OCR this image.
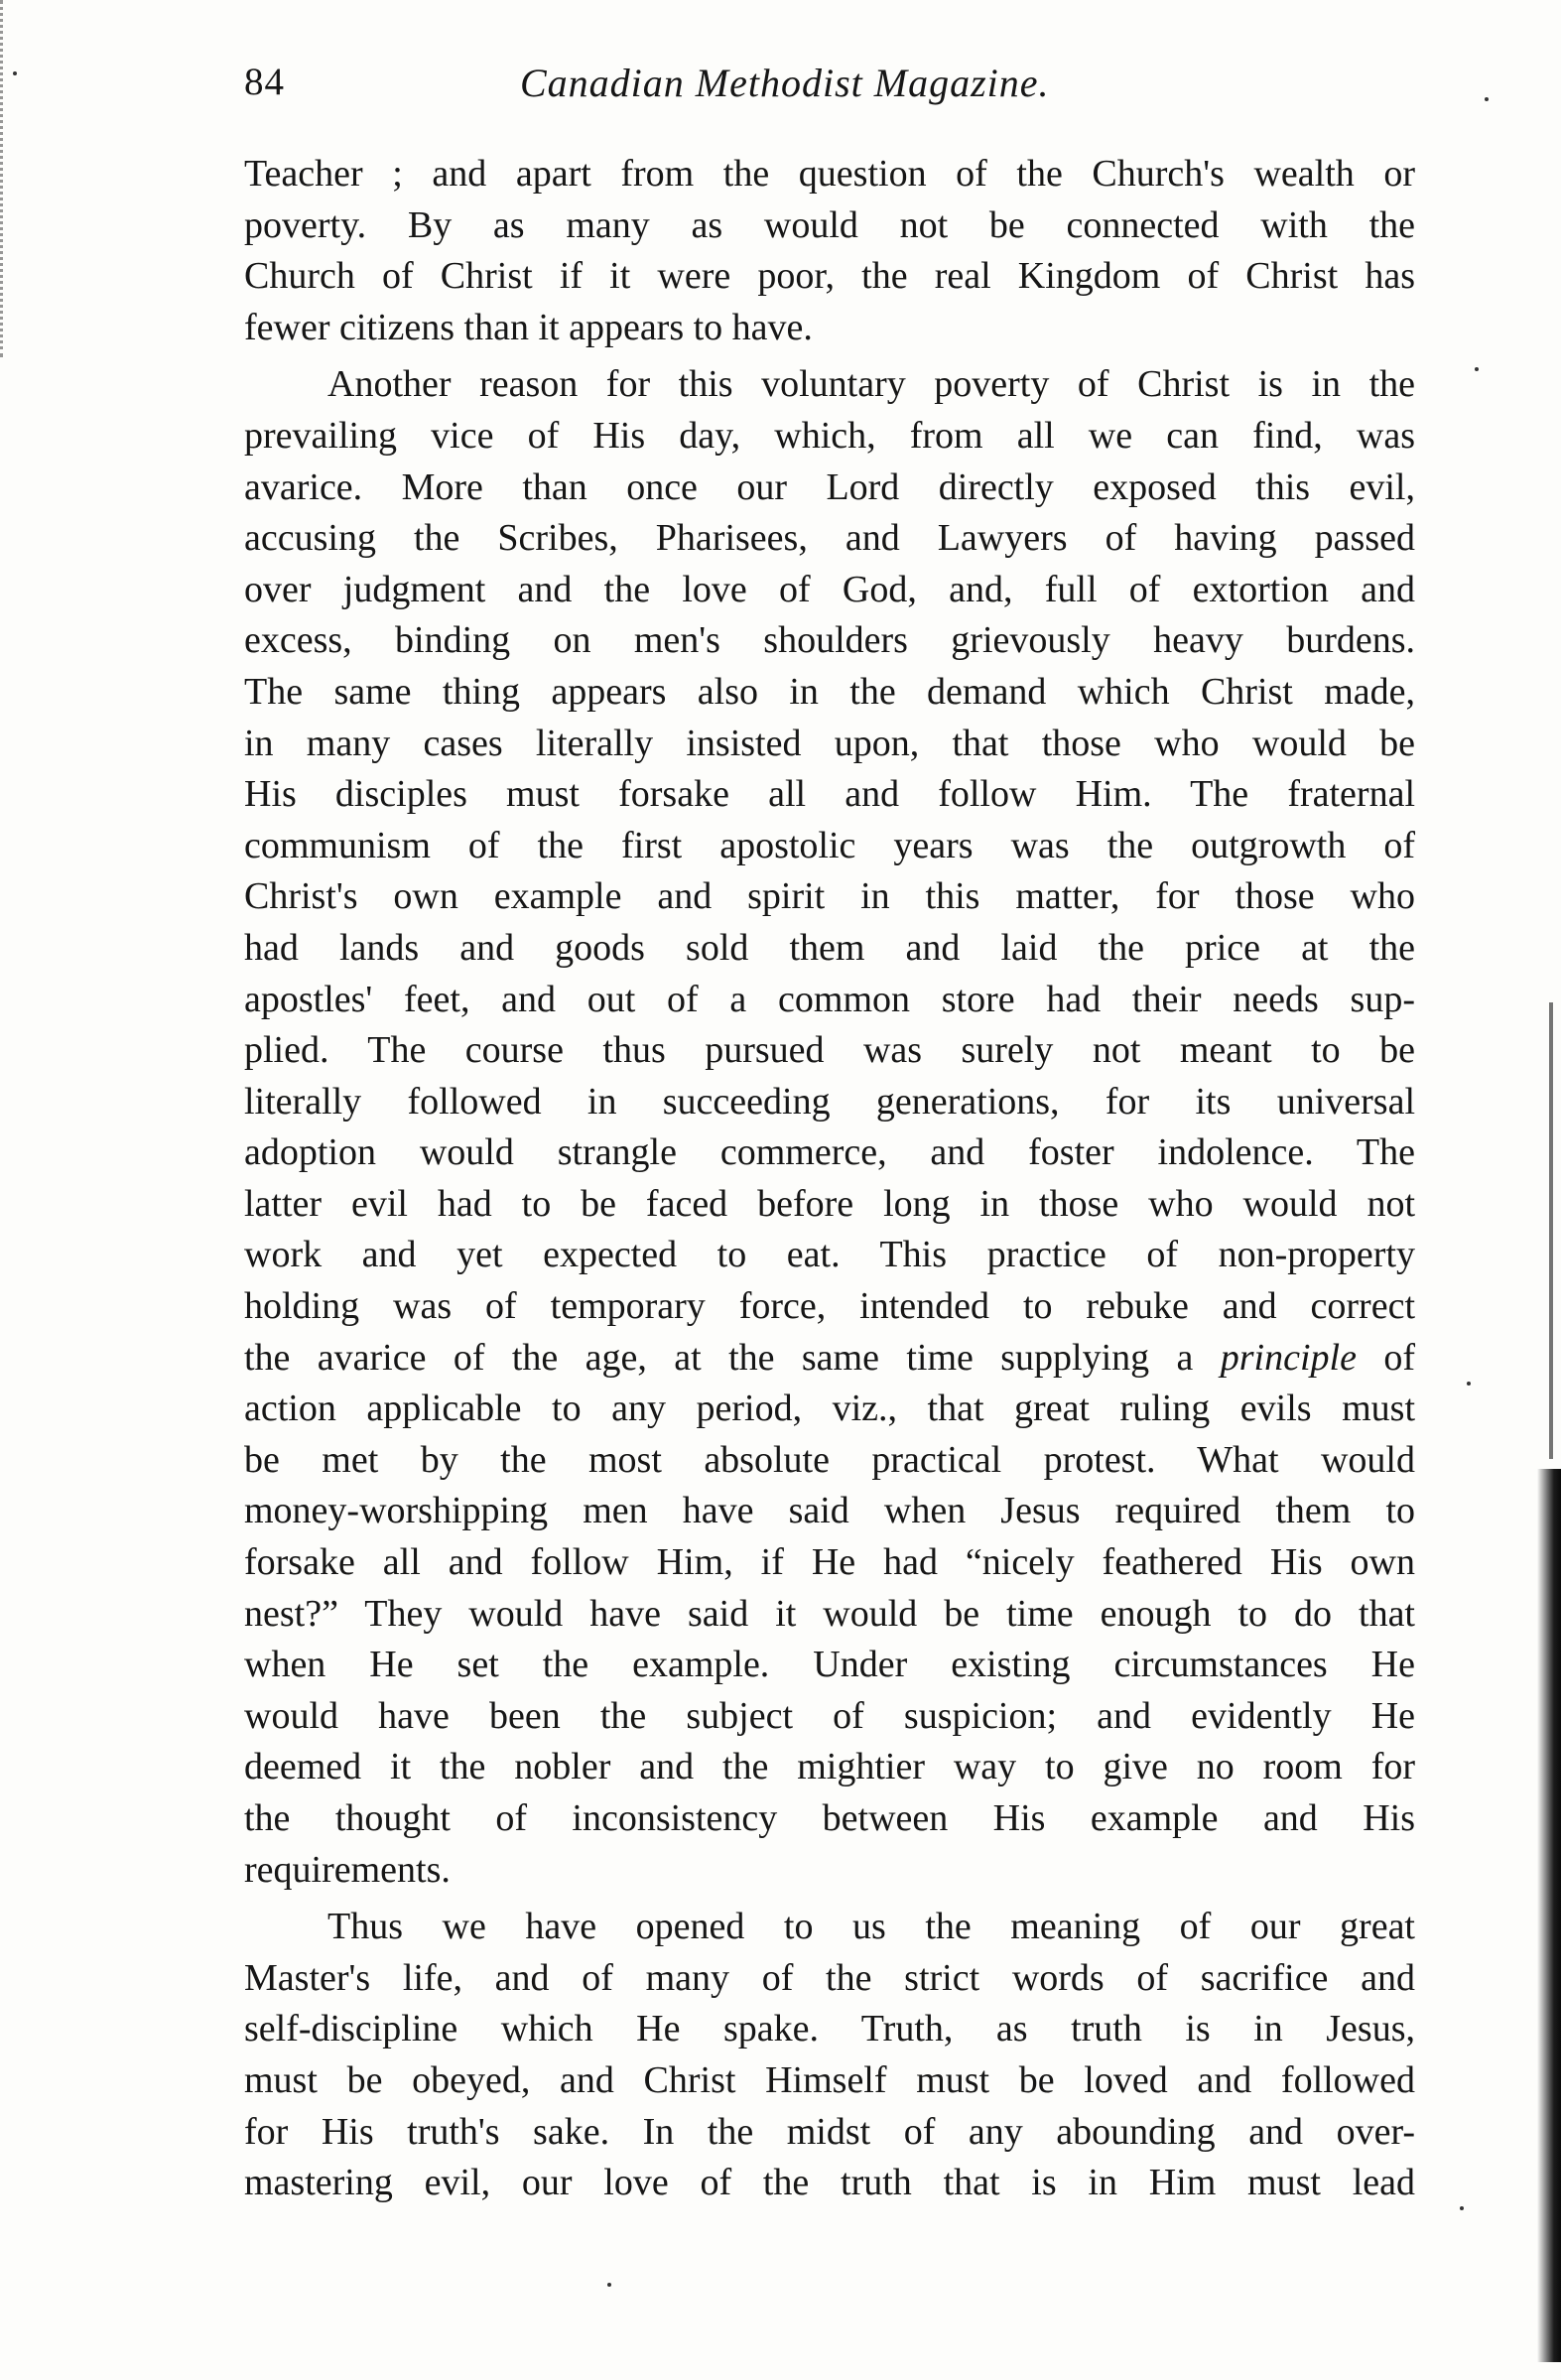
84	Canadian Methodist Magazine.
Teacher ; and apart from the question of the Church's wealth or
poverty. By as many as would not be connected with the
Church of Christ if it were poor, the real Kingdom of Christ has
fewer citizens than it appears to have.
Another reason for this voluntary poverty of Christ is in the
prevailing vice of His day, which, from all we can find, was
avarice. More than once our Lord directly exposed this evil,
accusing the Scribes, Pharisees, and Lawyers of having passed
over judgment and the love of God, and, full of extortion and
excess, binding on men's shoulders grievously heavy burdens.
The same thing appears also in the demand which Christ made,
in many cases literally insisted upon, that those who would be
His disciples must forsake all and follow Him. The fraternal
communism of the first apostolic years was the outgrowth of
Christ's own example and spirit in this matter, for those who
had lands and goods sold them and laid the price at the
apostles' feet, and out of a common store had their needs sup-
plied. The course thus pursued was surely not meant to be
literally followed in succeeding generations, for its universal
adoption would strangle commerce, and foster indolence. The
latter evil had to be faced before long in those who would not
work and yet expected to eat. This practice of non-property
holding was of temporary force, intended to rebuke and correct
the avarice of the age, at the same time supplying a principle of
action applicable to any period, viz., that great ruling evils must
be met by the most absolute practical protest. What would
money-worshipping men have said when Jesus required them to
forsake all and follow Him, if He had “nicely feathered His own
nest?” They would have said it would be time enough to do that
when He set the example. Under existing circumstances He
would have been the subject of suspicion; and evidently He
deemed it the nobler and the mightier way to give no room for
the thought of inconsistency between His example and His
requirements.
Thus we have opened to us the meaning of our great
Master's life, and of many of the strict words of sacrifice and
self-discipline which He spake. Truth, as truth is in Jesus,
must be obeyed, and Christ Himself must be loved and followed
for His truth's sake. In the midst of any abounding and over-
mastering evil, our love of the truth that is in Him must lead
